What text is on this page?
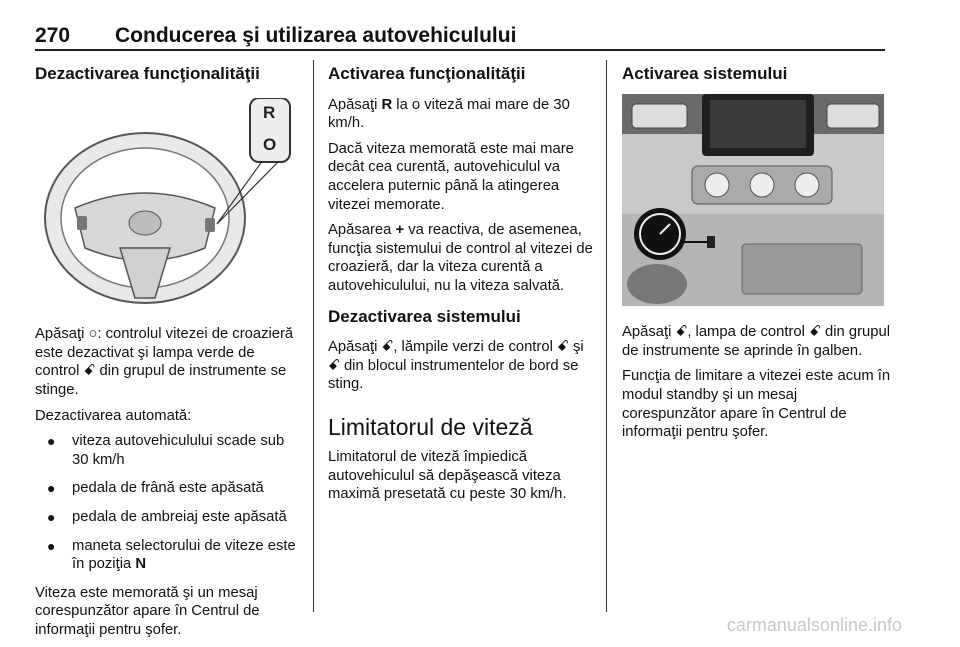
270 Conducerea şi utilizarea autovehiculului
Dezactivarea funcţionalităţii
R
O

Apăsaţi ○: controlul vitezei de croazieră este dezactivat şi lampa verde de control ꗃ din grupul de instrumente se stinge.

Dezactivarea automată:

● viteza autovehiculului scade sub 30 km/h
● pedala de frână este apăsată
● pedala de ambreiaj este apăsată
● maneta selectorului de viteze este în poziţia N

Viteza este memorată şi un mesaj corespunzător apare în Centrul de informaţii pentru şofer.

Activarea funcţionalităţii

Apăsaţi R la o viteză mai mare de 30 km/h.

Dacă viteza memorată este mai mare decât cea curentă, autovehiculul va accelera puternic până la atingerea vitezei memorate.

Apăsarea + va reactiva, de asemenea, funcţia sistemului de control al vitezei de croazieră, dar la viteza curentă a autovehiculului, nu la viteza salvată.

Dezactivarea sistemului

Apăsaţi ꗃ, lămpile verzi de control ꗃ şi ꗃ din blocul instrumentelor de bord se sting.

Limitatorul de viteză

Limitatorul de viteză împiedică autovehiculul să depăşească viteza maximă presetată cu peste 30 km/h.

Activarea sistemului

Apăsaţi ꗃ, lampa de control ꗃ din grupul de instrumente se aprinde în galben.

Funcţia de limitare a vitezei este acum în modul standby şi un mesaj corespunzător apare în Centrul de informaţii pentru şofer.

carmanualsonline.info
